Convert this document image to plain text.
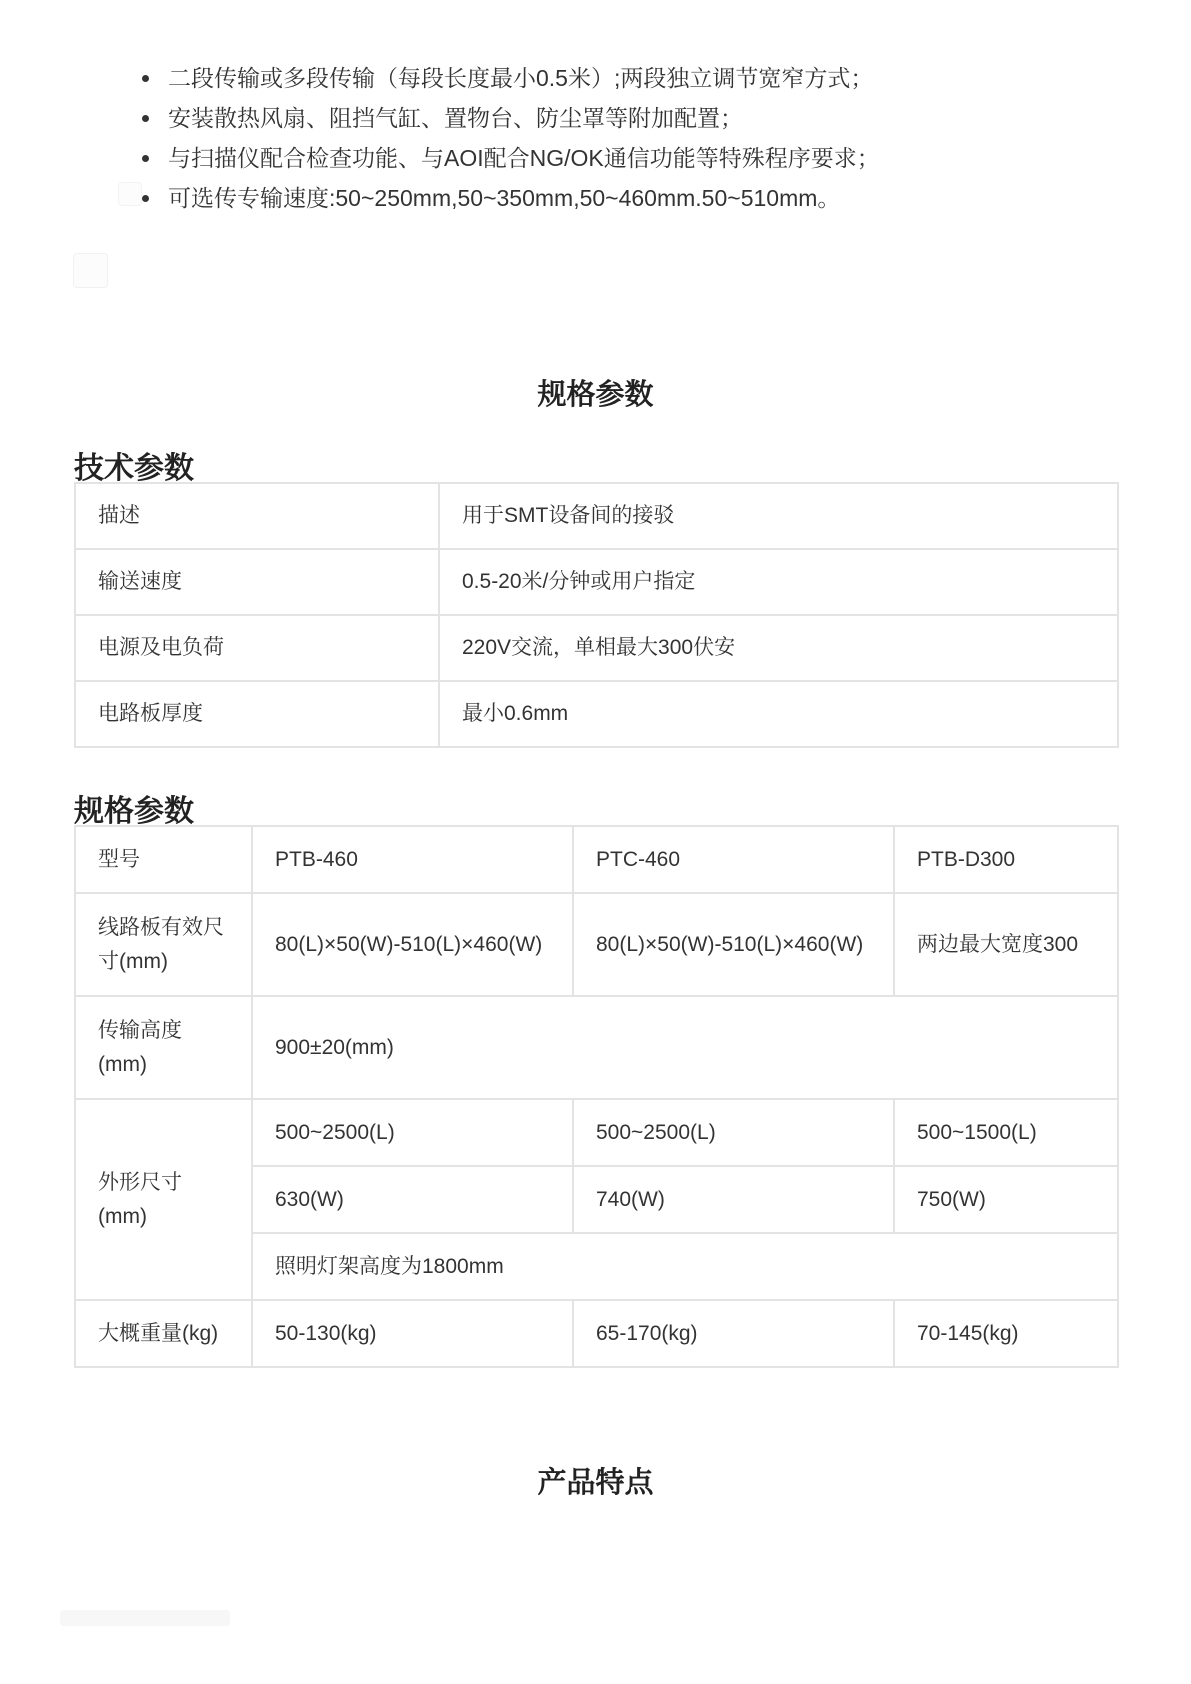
二段传输或多段传输（每段长度最小0.5米）;两段独立调节宽窄方式；
安装散热风扇、阻挡气缸、置物台、防尘罩等附加配置；
与扫描仪配合检查功能、与AOI配合NG/OK通信功能等特殊程序要求；
可选传专输速度:50~250mm,50~350mm,50~460mm.50~510mm。
规格参数
技术参数
描述	用于SMT设备间的接驳
输送速度	0.5-20米/分钟或用户指定
电源及电负荷	220V交流，单相最大300伏安
电路板厚度	最小0.6mm
规格参数
型号	PTB-460	PTC-460	PTB-D300
线路板有效尺寸(mm)	80(L)×50(W)-510(L)×460(W)	80(L)×50(W)-510(L)×460(W)	两边最大宽度300
传输高度(mm)	900±20(mm)		
外形尺寸(mm)	500~2500(L)	500~2500(L)	500~1500(L)
	630(W)	740(W)	750(W)
	照明灯架高度为1800mm		
大概重量(kg)	50-130(kg)	65-170(kg)	70-145(kg)
产品特点
